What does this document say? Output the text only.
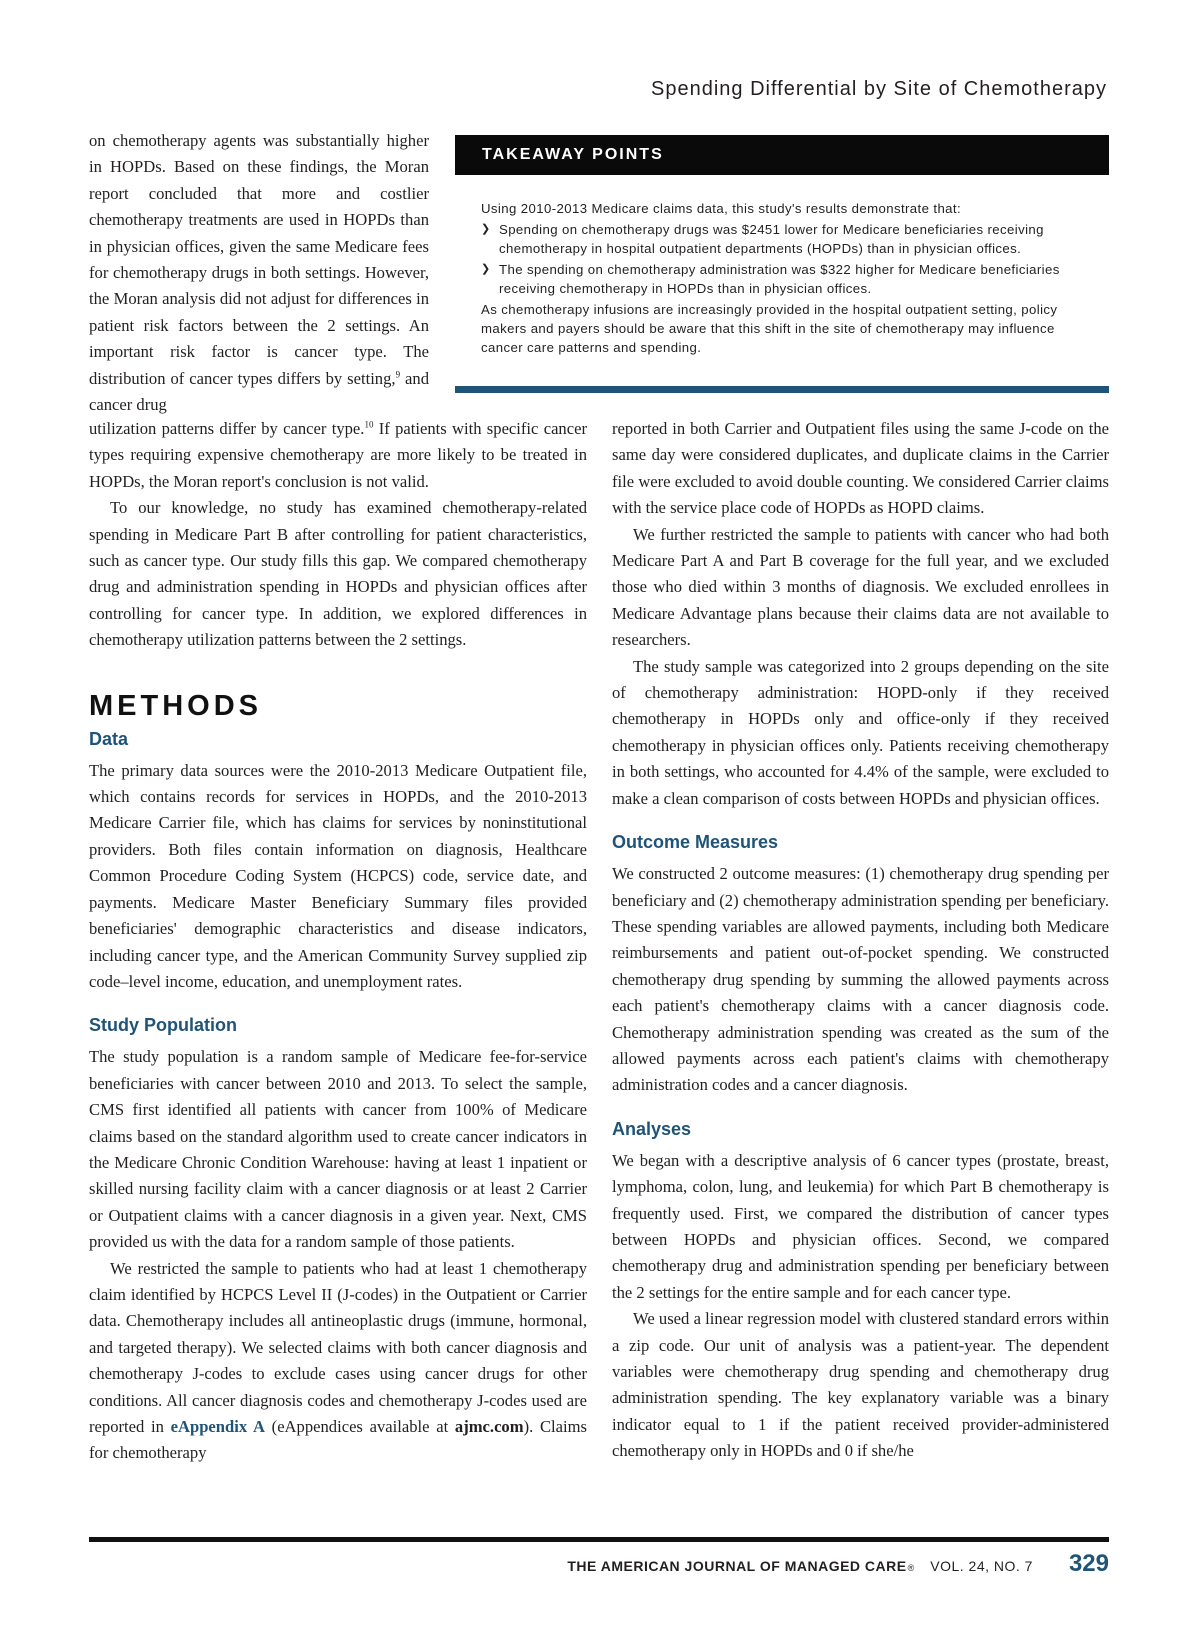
Spending Differential by Site of Chemotherapy

on chemotherapy agents was substantially higher in HOPDs. Based on these findings, the Moran report concluded that more and costlier chemotherapy treatments are used in HOPDs than in physician offices, given the same Medicare fees for chemotherapy drugs in both settings. However, the Moran analysis did not adjust for differences in patient risk factors between the 2 settings. An important risk factor is cancer type. The distribution of cancer types differs by setting,$^9$ and cancer drug

TAKEAWAY POINTS
Using 2010-2013 Medicare claims data, this study's results demonstrate that:
❯ Spending on chemotherapy drugs was $2451 lower for Medicare beneficiaries receiving chemotherapy in hospital outpatient departments (HOPDs) than in physician offices.
❯ The spending on chemotherapy administration was $322 higher for Medicare beneficiaries receiving chemotherapy in HOPDs than in physician offices.
As chemotherapy infusions are increasingly provided in the hospital outpatient setting, policy makers and payers should be aware that this shift in the site of chemotherapy may influence cancer care patterns and spending.

utilization patterns differ by cancer type.$^{10}$ If patients with specific cancer types requiring expensive chemotherapy are more likely to be treated in HOPDs, the Moran report's conclusion is not valid.

To our knowledge, no study has examined chemotherapy-related spending in Medicare Part B after controlling for patient characteristics, such as cancer type. Our study fills this gap. We compared chemotherapy drug and administration spending in HOPDs and physician offices after controlling for cancer type. In addition, we explored differences in chemotherapy utilization patterns between the 2 settings.

METHODS
Data

The primary data sources were the 2010-2013 Medicare Outpatient file, which contains records for services in HOPDs, and the 2010-2013 Medicare Carrier file, which has claims for services by noninstitutional providers. Both files contain information on diagnosis, Healthcare Common Procedure Coding System (HCPCS) code, service date, and payments. Medicare Master Beneficiary Summary files provided beneficiaries' demographic characteristics and disease indicators, including cancer type, and the American Community Survey supplied zip code–level income, education, and unemployment rates.

Study Population

The study population is a random sample of Medicare fee-for-service beneficiaries with cancer between 2010 and 2013. To select the sample, CMS first identified all patients with cancer from 100% of Medicare claims based on the standard algorithm used to create cancer indicators in the Medicare Chronic Condition Warehouse: having at least 1 inpatient or skilled nursing facility claim with a cancer diagnosis or at least 2 Carrier or Outpatient claims with a cancer diagnosis in a given year. Next, CMS provided us with the data for a random sample of those patients.

We restricted the sample to patients who had at least 1 chemotherapy claim identified by HCPCS Level II (J-codes) in the Outpatient or Carrier data. Chemotherapy includes all antineoplastic drugs (immune, hormonal, and targeted therapy). We selected claims with both cancer diagnosis and chemotherapy J-codes to exclude cases using cancer drugs for other conditions. All cancer diagnosis codes and chemotherapy J-codes used are reported in eAppendix A (eAppendices available at ajmc.com). Claims for chemotherapy

reported in both Carrier and Outpatient files using the same J-code on the same day were considered duplicates, and duplicate claims in the Carrier file were excluded to avoid double counting. We considered Carrier claims with the service place code of HOPDs as HOPD claims.

We further restricted the sample to patients with cancer who had both Medicare Part A and Part B coverage for the full year, and we excluded those who died within 3 months of diagnosis. We excluded enrollees in Medicare Advantage plans because their claims data are not available to researchers.

The study sample was categorized into 2 groups depending on the site of chemotherapy administration: HOPD-only if they received chemotherapy in HOPDs only and office-only if they received chemotherapy in physician offices only. Patients receiving chemotherapy in both settings, who accounted for 4.4% of the sample, were excluded to make a clean comparison of costs between HOPDs and physician offices.

Outcome Measures

We constructed 2 outcome measures: (1) chemotherapy drug spending per beneficiary and (2) chemotherapy administration spending per beneficiary. These spending variables are allowed payments, including both Medicare reimbursements and patient out-of-pocket spending. We constructed chemotherapy drug spending by summing the allowed payments across each patient's chemotherapy claims with a cancer diagnosis code. Chemotherapy administration spending was created as the sum of the allowed payments across each patient's claims with chemotherapy administration codes and a cancer diagnosis.

Analyses

We began with a descriptive analysis of 6 cancer types (prostate, breast, lymphoma, colon, lung, and leukemia) for which Part B chemotherapy is frequently used. First, we compared the distribution of cancer types between HOPDs and physician offices. Second, we compared chemotherapy drug and administration spending per beneficiary between the 2 settings for the entire sample and for each cancer type.

We used a linear regression model with clustered standard errors within a zip code. Our unit of analysis was a patient-year. The dependent variables were chemotherapy drug spending and chemotherapy drug administration spending. The key explanatory variable was a binary indicator equal to 1 if the patient received provider-administered chemotherapy only in HOPDs and 0 if she/he

THE AMERICAN JOURNAL OF MANAGED CARE ® VOL. 24, NO. 7 329
